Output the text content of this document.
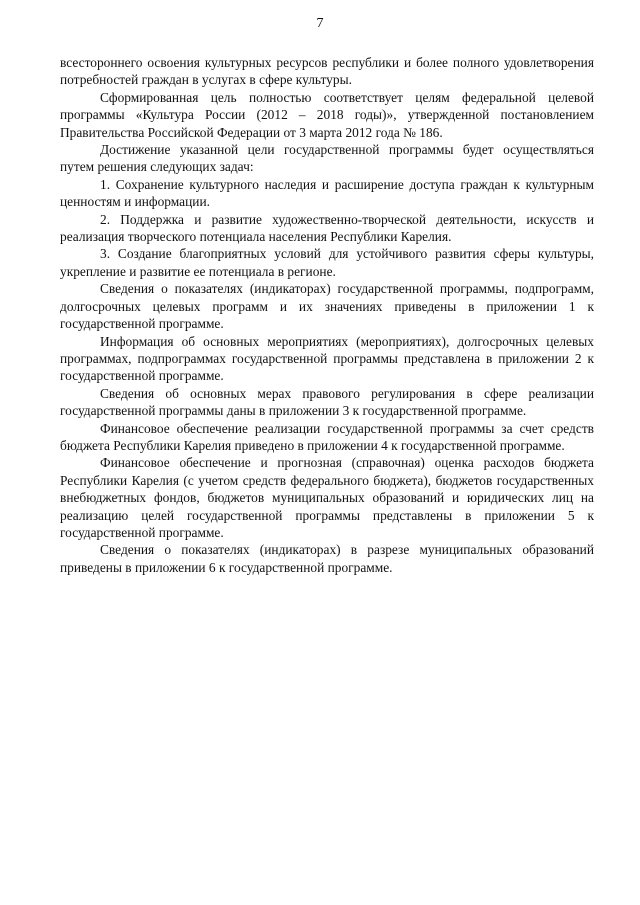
7

всестороннего освоения культурных ресурсов республики и более полного удовлетворения потребностей граждан в услугах в сфере культуры.

Сформированная цель полностью соответствует целям федеральной целевой программы «Культура России (2012 – 2018 годы)», утвержденной постановлением Правительства Российской Федерации от 3 марта 2012 года № 186.

Достижение указанной цели государственной программы будет осуществляться путем решения следующих задач:

1. Сохранение культурного наследия и расширение доступа граждан к культурным ценностям и информации.

2. Поддержка и развитие художественно-творческой деятельности, искусств и реализация творческого потенциала населения Республики Карелия.

3. Создание благоприятных условий для устойчивого развития сферы культуры, укрепление и развитие ее потенциала в регионе.

Сведения о показателях (индикаторах) государственной программы, подпрограмм, долгосрочных целевых программ и их значениях приведены в приложении 1 к государственной программе.

Информация об основных мероприятиях (мероприятиях), долгосрочных целевых программах, подпрограммах государственной программы представлена в приложении 2 к государственной программе.

Сведения об основных мерах правового регулирования в сфере реализации государственной программы даны в приложении 3 к государственной программе.

Финансовое обеспечение реализации государственной программы за счет средств бюджета Республики Карелия приведено в приложении 4 к государственной программе.

Финансовое обеспечение и прогнозная (справочная) оценка расходов бюджета Республики Карелия (с учетом средств федерального бюджета), бюджетов государственных внебюджетных фондов, бюджетов муниципальных образований и юридических лиц на реализацию целей государственной программы представлены в приложении 5 к государственной программе.

Сведения о показателях (индикаторах) в разрезе муниципальных образований приведены в приложении 6 к государственной программе.
